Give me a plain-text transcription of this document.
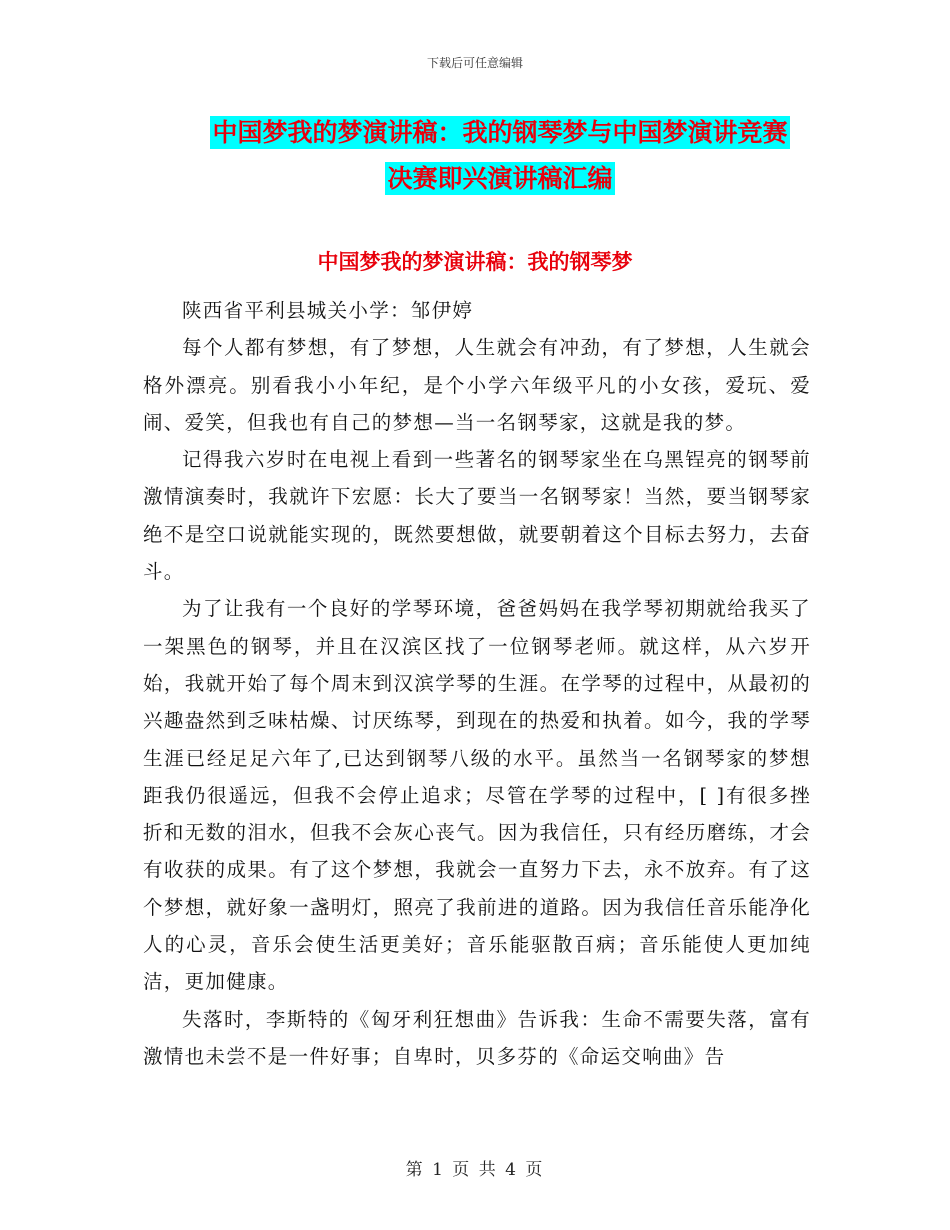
下载后可任意编辑
中国梦我的梦演讲稿：我的钢琴梦与中国梦演讲竞赛
决赛即兴演讲稿汇编
中国梦我的梦演讲稿：我的钢琴梦

陕西省平利县城关小学：邹伊婷

每个人都有梦想，有了梦想，人生就会有冲劲，有了梦想，人生就会格外漂亮。别看我小小年纪，是个小学六年级平凡的小女孩，爱玩、爱闹、爱笑，但我也有自己的梦想—当一名钢琴家，这就是我的梦。

记得我六岁时在电视上看到一些著名的钢琴家坐在乌黑锃亮的钢琴前激情演奏时，我就许下宏愿：长大了要当一名钢琴家！当然，要当钢琴家绝不是空口说就能实现的，既然要想做，就要朝着这个目标去努力，去奋斗。

为了让我有一个良好的学琴环境，爸爸妈妈在我学琴初期就给我买了一架黑色的钢琴，并且在汉滨区找了一位钢琴老师。就这样，从六岁开始，我就开始了每个周末到汉滨学琴的生涯。在学琴的过程中，从最初的兴趣盎然到乏味枯燥、讨厌练琴，到现在的热爱和执着。如今，我的学琴生涯已经足足六年了,已达到钢琴八级的水平。虽然当一名钢琴家的梦想距我仍很遥远，但我不会停止追求；尽管在学琴的过程中，[ ]有很多挫折和无数的泪水，但我不会灰心丧气。因为我信任，只有经历磨练，才会有收获的成果。有了这个梦想，我就会一直努力下去，永不放弃。有了这个梦想，就好象一盏明灯，照亮了我前进的道路。因为我信任音乐能净化人的心灵，音乐会使生活更美好；音乐能驱散百病；音乐能使人更加纯洁，更加健康。

失落时，李斯特的《匈牙利狂想曲》告诉我：生命不需要失落，富有激情也未尝不是一件好事；自卑时，贝多芬的《命运交响曲》告

第 1 页 共 4 页
